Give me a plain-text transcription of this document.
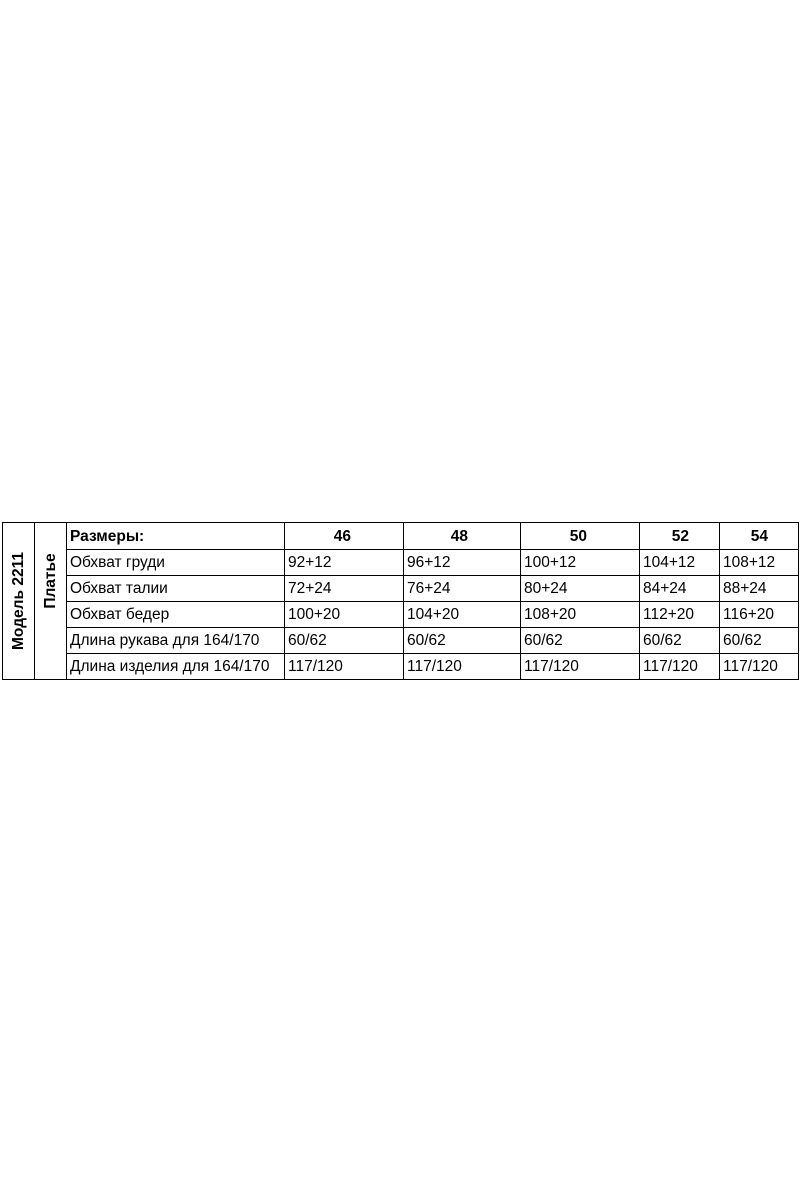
Модель 2211	Платье	Размеры:	46	48	50	52	54
		Обхват груди	92+12	96+12	100+12	104+12	108+12
		Обхват талии	72+24	76+24	80+24	84+24	88+24
		Обхват бедер	100+20	104+20	108+20	112+20	116+20
		Длина рукава для 164/170	60/62	60/62	60/62	60/62	60/62
		Длина изделия для 164/170	117/120	117/120	117/120	117/120	117/120
